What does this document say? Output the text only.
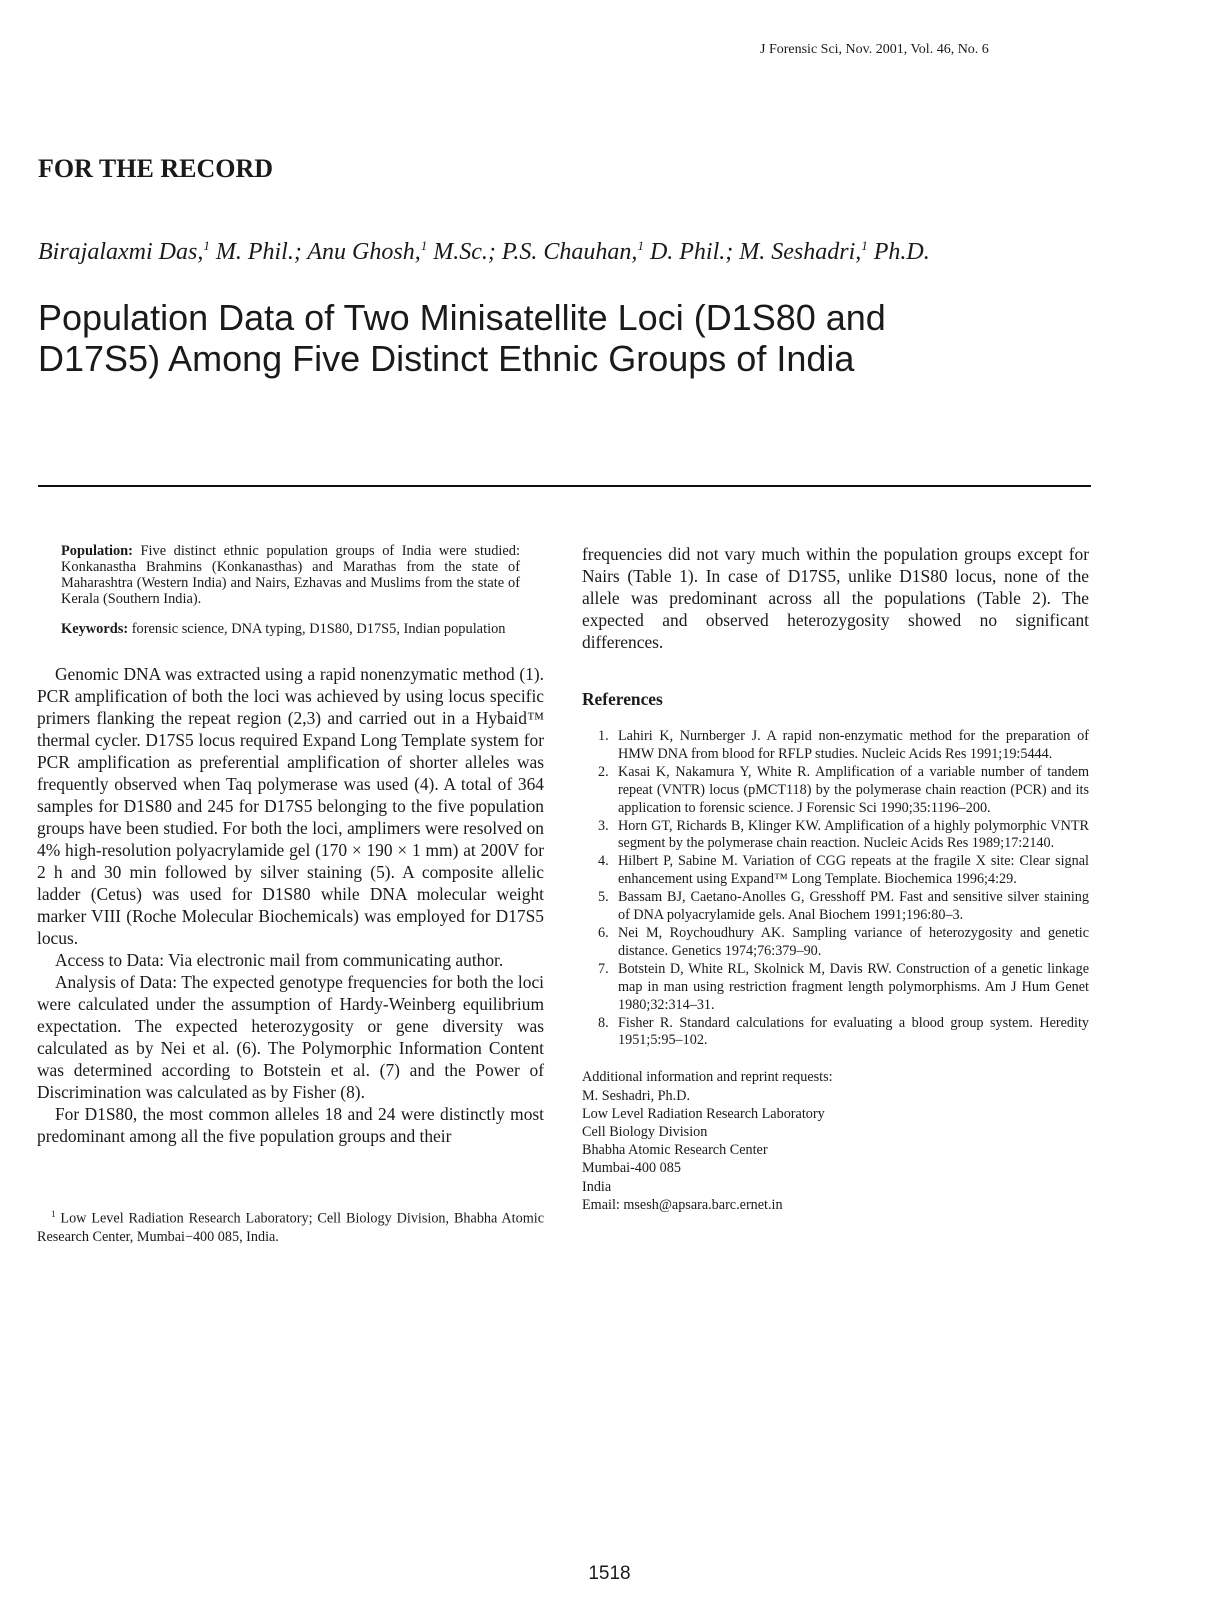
J Forensic Sci, Nov. 2001, Vol. 46, No. 6
FOR THE RECORD
Birajalaxmi Das,$^1$ M. Phil.; Anu Ghosh,$^1$ M.Sc.; P.S. Chauhan,$^1$ D. Phil.; M. Seshadri,$^1$ Ph.D.
Population Data of Two Minisatellite Loci (D1S80 and D17S5) Among Five Distinct Ethnic Groups of India

Population: Five distinct ethnic population groups of India were studied: Konkanastha Brahmins (Konkanasthas) and Marathas from the state of Maharashtra (Western India) and Nairs, Ezhavas and Muslims from the state of Kerala (Southern India).

Keywords: forensic science, DNA typing, D1S80, D17S5, Indian population

Genomic DNA was extracted using a rapid nonenzymatic method (1). PCR amplification of both the loci was achieved by using locus specific primers flanking the repeat region (2,3) and carried out in a Hybaid™ thermal cycler. D17S5 locus required Expand Long Template system for PCR amplification as preferential amplification of shorter alleles was frequently observed when Taq polymerase was used (4). A total of 364 samples for D1S80 and 245 for D17S5 belonging to the five population groups have been studied. For both the loci, amplimers were resolved on 4% high-resolution polyacrylamide gel (170 × 190 × 1 mm) at 200V for 2 h and 30 min followed by silver staining (5). A composite allelic ladder (Cetus) was used for D1S80 while DNA molecular weight marker VIII (Roche Molecular Biochemicals) was employed for D17S5 locus.

Access to Data: Via electronic mail from communicating author.

Analysis of Data: The expected genotype frequencies for both the loci were calculated under the assumption of Hardy-Weinberg equilibrium expectation. The expected heterozygosity or gene diversity was calculated as by Nei et al. (6). The Polymorphic Information Content was determined according to Botstein et al. (7) and the Power of Discrimination was calculated as by Fisher (8).

For D1S80, the most common alleles 18 and 24 were distinctly most predominant among all the five population groups and their

$^1$ Low Level Radiation Research Laboratory; Cell Biology Division, Bhabha Atomic Research Center, Mumbai−400 085, India.

frequencies did not vary much within the population groups except for Nairs (Table 1). In case of D17S5, unlike D1S80 locus, none of the allele was predominant across all the populations (Table 2). The expected and observed heterozygosity showed no significant differences.

References
1. Lahiri K, Nurnberger J. A rapid non-enzymatic method for the preparation of HMW DNA from blood for RFLP studies. Nucleic Acids Res 1991;19:5444.
2. Kasai K, Nakamura Y, White R. Amplification of a variable number of tandem repeat (VNTR) locus (pMCT118) by the polymerase chain reaction (PCR) and its application to forensic science. J Forensic Sci 1990;35:1196–200.
3. Horn GT, Richards B, Klinger KW. Amplification of a highly polymorphic VNTR segment by the polymerase chain reaction. Nucleic Acids Res 1989;17:2140.
4. Hilbert P, Sabine M. Variation of CGG repeats at the fragile X site: Clear signal enhancement using Expand™ Long Template. Biochemica 1996;4:29.
5. Bassam BJ, Caetano-Anolles G, Gresshoff PM. Fast and sensitive silver staining of DNA polyacrylamide gels. Anal Biochem 1991;196:80–3.
6. Nei M, Roychoudhury AK. Sampling variance of heterozygosity and genetic distance. Genetics 1974;76:379–90.
7. Botstein D, White RL, Skolnick M, Davis RW. Construction of a genetic linkage map in man using restriction fragment length polymorphisms. Am J Hum Genet 1980;32:314–31.
8. Fisher R. Standard calculations for evaluating a blood group system. Heredity 1951;5:95–102.
Additional information and reprint requests:
M. Seshadri, Ph.D.
Low Level Radiation Research Laboratory
Cell Biology Division
Bhabha Atomic Research Center
Mumbai-400 085
India
Email: msesh@apsara.barc.ernet.in
1518
